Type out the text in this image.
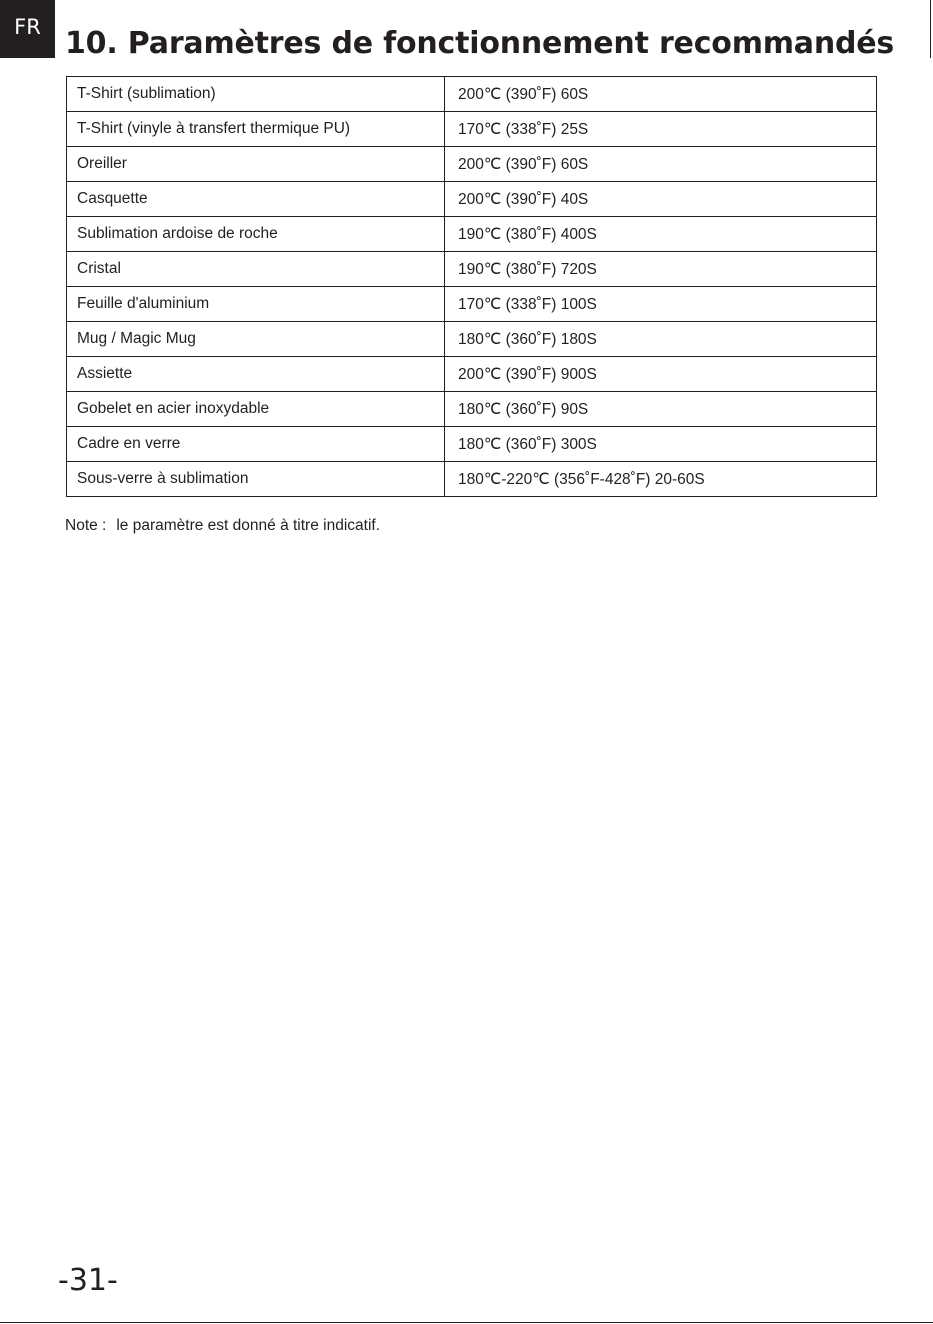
FR 10. Paramètres de fonctionnement recommandés
T-Shirt (sublimation)	200℃ (390˚F) 60S
T-Shirt (vinyle à transfert thermique PU)	170℃ (338˚F) 25S
Oreiller	200℃ (390˚F) 60S
Casquette	200℃ (390˚F) 40S
Sublimation ardoise de roche	190℃ (380˚F) 400S
Cristal	190℃ (380˚F) 720S
Feuille d'aluminium	170℃ (338˚F) 100S
Mug / Magic Mug	180℃ (360˚F) 180S
Assiette	200℃ (390˚F) 900S
Gobelet en acier inoxydable	180℃ (360˚F) 90S
Cadre en verre	180℃ (360˚F) 300S
Sous-verre à sublimation	180℃-220℃ (356˚F-428˚F) 20-60S
Note : le paramètre est donné à titre indicatif.
-31-
